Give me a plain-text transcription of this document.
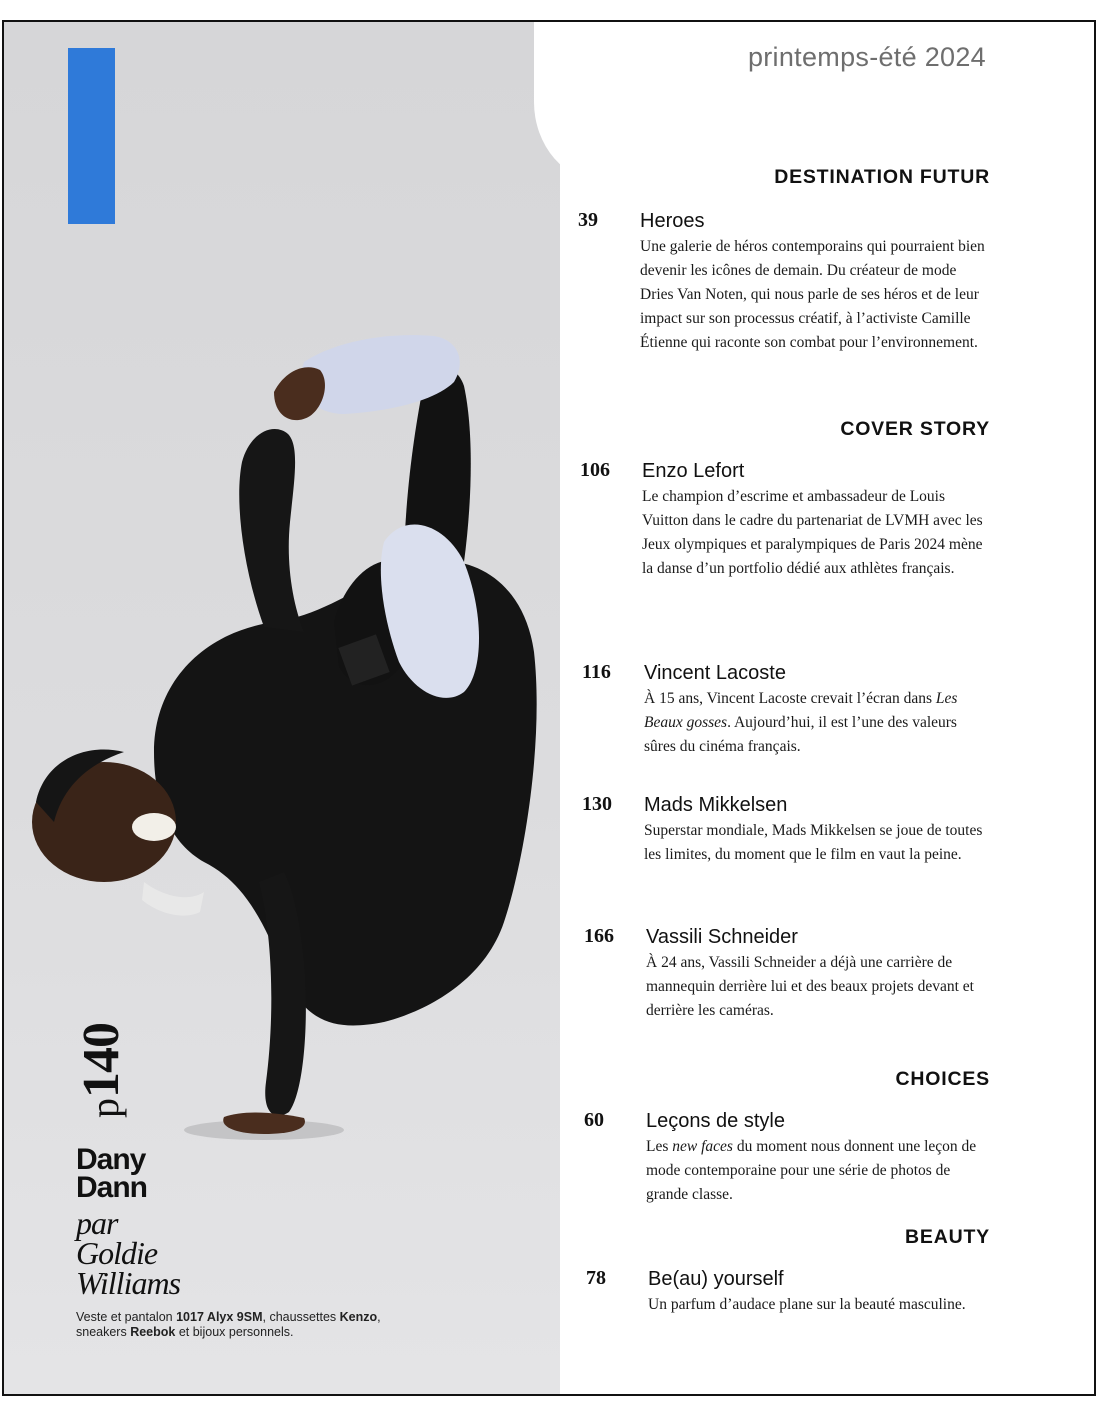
p
140
Dany
Dann
par
Goldie
Williams
Veste et pantalon 1017 Alyx 9SM, chaussettes Kenzo, sneakers Reebok et bijoux personnels.
printemps-été 2024
DESTINATION FUTUR
39	Heroes
Une galerie de héros contemporains qui pourraient bien devenir les icônes de demain. Du créateur de mode Dries Van Noten, qui nous parle de ses héros et de leur impact sur son processus créatif, à l’activiste Camille Étienne qui raconte son combat pour l’environnement.
COVER STORY
106	Enzo Lefort
Le champion d’escrime et ambassadeur de Louis Vuitton dans le cadre du partenariat de LVMH avec les Jeux olympiques et paralympiques de Paris 2024 mène la danse d’un portfolio dédié aux athlètes français.
116	Vincent Lacoste
À 15 ans, Vincent Lacoste crevait l’écran dans Les Beaux gosses. Aujourd’hui, il est l’une des valeurs sûres du cinéma français.
130	Mads Mikkelsen
Superstar mondiale, Mads Mikkelsen se joue de toutes les limites, du moment que le film en vaut la peine.
166	Vassili Schneider
À 24 ans, Vassili Schneider a déjà une carrière de mannequin derrière lui et des beaux projets devant et derrière les caméras.
CHOICES
60	Leçons de style
Les new faces du moment nous donnent une leçon de mode contemporaine pour une série de photos de grande classe.
BEAUTY
78	Be(au) yourself
Un parfum d’audace plane sur la beauté masculine.
